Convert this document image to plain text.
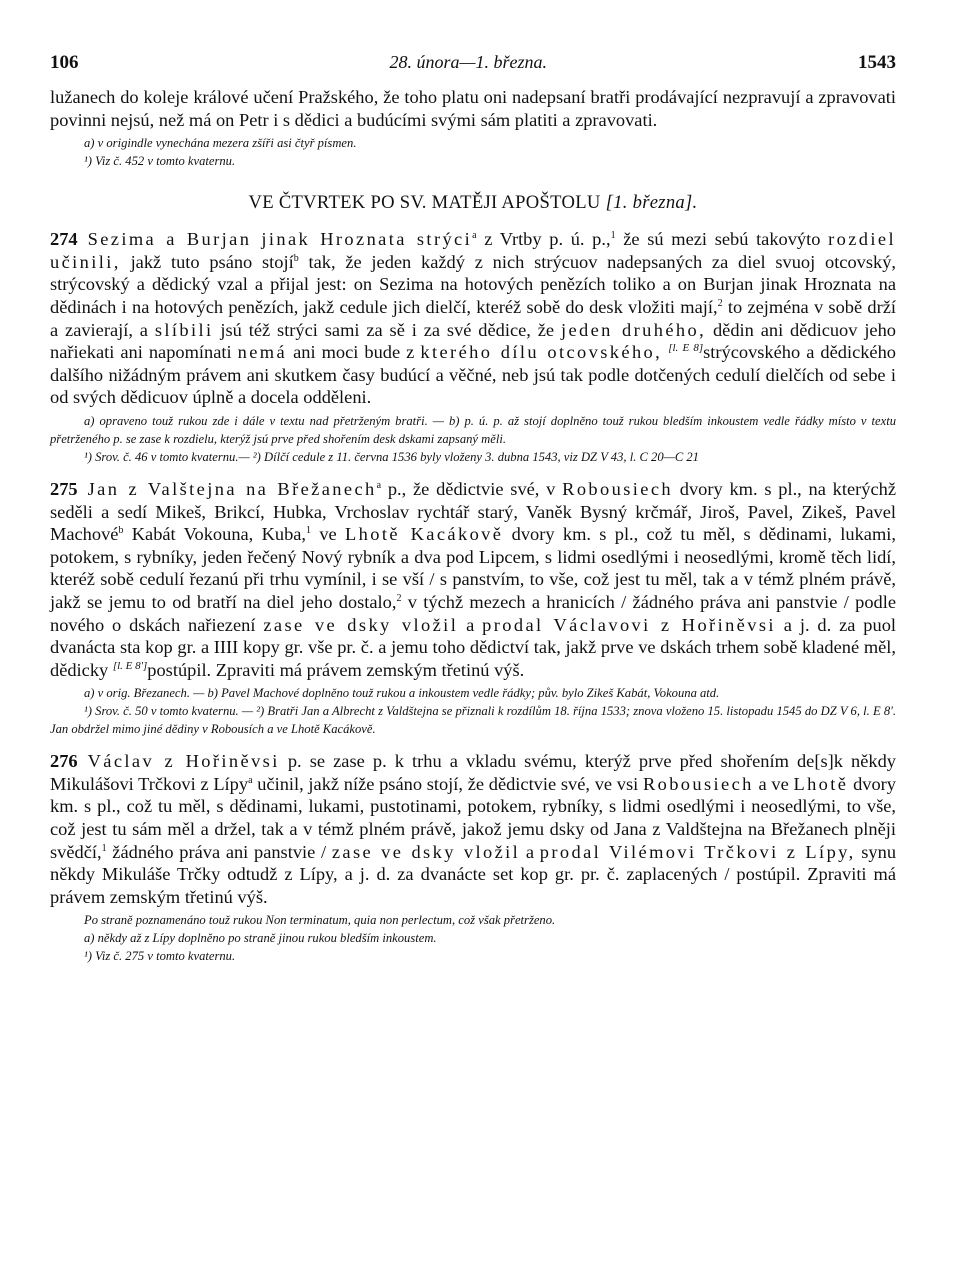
106	28. února—1. března.	1543

lužanech do koleje králové učení Pražského, že toho platu oni nadepsaní bratři prodávající nezpravují a zpravovati povinni nejsú, než má on Petr i s dědici a budúcími svými sám platiti a zpravovati.

a) v origindle vynechána mezera zšíři asi čtyř písmen.

¹) Viz č. 452 v tomto kvaternu.

VE ČTVRTEK PO SV. MATĚJI APOŠTOLU [1. března].

274 Sezima a Burjan jinak Hroznata strýci$^a$ z Vrtby p. ú. p.,$^1$ že sú mezi sebú takovýto rozdiel učinili, jakž tuto psáno stojí$^b$ tak, že jeden každý z nich strýcuov nadepsaných za diel svuoj otcovský, strýcovský a dědický vzal a přijal jest: on Sezima na hotových penězích toliko a on Burjan jinak Hroznata na dědinách i na hotových penězích, jakž cedule jich dielčí, kteréž sobě do desk vložiti mají,$^2$ to zejména v sobě drží a zavierají, a slíbili jsú též strýci sami za sě i za své dědice, že jeden druhého, dědin ani dědicuov jeho nařiekati ani napomínati nemá ani moci bude z kterého dílu otcovského, [l. E 8]strýcovského a dědického dalšího nižádným právem ani skutkem časy budúcí a věčné, neb jsú tak podle dotčených cedulí dielčích od sebe i od svých dědicuov úplně a docela odděleni.

a) opraveno touž rukou zde i dále v textu nad přetrženým bratři. — b) p. ú. p. až stojí doplněno touž rukou bledším inkoustem vedle řádky místo v textu přetrženého p. se zase k rozdielu, kterýž jsú prve před shořením desk dskami zapsaný měli.

¹) Srov. č. 46 v tomto kvaternu.— ²) Dílčí cedule z 11. června 1536 byly vloženy 3. dubna 1543, viz DZ V 43, l. C 20—C 21

275 Jan z Valštejna na Břežanech$^a$ p., že dědictvie své, v Robousiech dvory km. s pl., na kterýchž seděli a sedí Mikeš, Brikcí, Hubka, Vrchoslav rychtář starý, Vaněk Bysný krčmář, Jiroš, Pavel, Zikeš, Pavel Machové$^b$ Kabát Vokouna, Kuba,$^1$ ve Lhotě Kacákově dvory km. s pl., což tu měl, s dědinami, lukami, potokem, s rybníky, jeden řečený Nový rybník a dva pod Lipcem, s lidmi osedlými i neosedlými, kromě těch lidí, kteréž sobě cedulí řezanú při trhu vymínil, i se vší / s panstvím, to vše, což jest tu měl, tak a v témž plném právě, jakž se jemu to od bratří na diel jeho dostalo,$^2$ v týchž mezech a hranicích / žádného práva ani panstvie / podle nového o dskách nařiezení zase ve dsky vložil a prodal Václavovi z Hořiněvsi a j. d. za puol dvanácta sta kop gr. a IIII kopy gr. vše pr. č. a jemu toho dědictví tak, jakž prve ve dskách trhem sobě kladené měl, dědicky [l. E 8']postúpil. Zpraviti má právem zemským třetinú výš.

a) v orig. Březanech. — b) Pavel Machové doplněno touž rukou a inkoustem vedle řádky; pův. bylo Zikeš Kabát, Vokouna atd.

¹) Srov. č. 50 v tomto kvaternu. — ²) Bratři Jan a Albrecht z Valdštejna se přiznali k rozdílům 18. října 1533; znova vloženo 15. listopadu 1545 do DZ V 6, l. E 8'. Jan obdržel mimo jiné dědiny v Robousích a ve Lhotě Kacákově.

276 Václav z Hořiněvsi p. se zase p. k trhu a vkladu svému, kterýž prve před shořením de[s]k někdy Mikulášovi Trčkovi z Lípy$^a$ učinil, jakž níže psáno stojí, že dědictvie své, ve vsi Robousiech a ve Lhotě dvory km. s pl., což tu měl, s dědinami, lukami, pustotinami, potokem, rybníky, s lidmi osedlými i neosedlými, to vše, což jest tu sám měl a držel, tak a v témž plném právě, jakož jemu dsky od Jana z Valdštejna na Břežanech plněji svědčí,$^1$ žádného práva ani panstvie / zase ve dsky vložil a prodal Vilémovi Trčkovi z Lípy, synu někdy Mikuláše Trčky odtudž z Lípy, a j. d. za dvanácte set kop gr. pr. č. zaplacených / postúpil. Zpraviti má právem zemským třetinú výš.

Po straně poznamenáno touž rukou Non terminatum, quia non perlectum, což však přetrženo.

a) někdy až z Lípy doplněno po straně jinou rukou bledším inkoustem.

¹) Viz č. 275 v tomto kvaternu.
